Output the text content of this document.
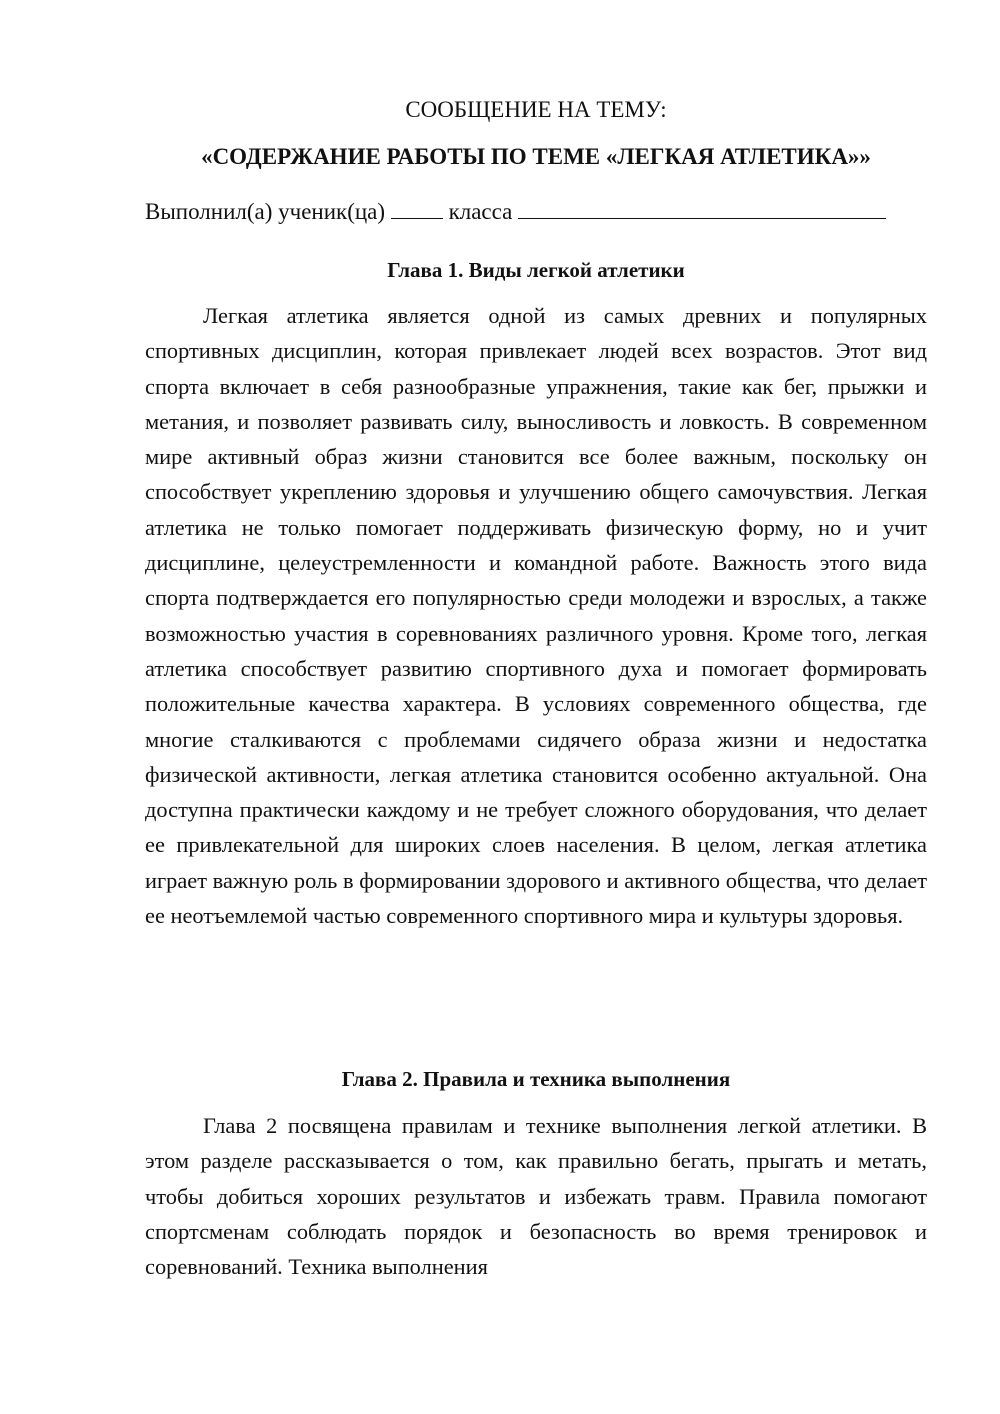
СООБЩЕНИЕ НА ТЕМУ:
«СОДЕРЖАНИЕ РАБОТЫ ПО ТЕМЕ «ЛЕГКАЯ АТЛЕТИКА»»
Выполнил(а) ученик(ца)	класса
Глава 1. Виды легкой атлетики

Легкая атлетика является одной из самых древних и популярных спортивных дисциплин, которая привлекает людей всех возрастов. Этот вид спорта включает в себя разнообразные упражнения, такие как бег, прыжки и метания, и позволяет развивать силу, выносливость и ловкость. В современном мире активный образ жизни становится все более важным, поскольку он способствует укреплению здоровья и улучшению общего самочувствия. Легкая атлетика не только помогает поддерживать физическую форму, но и учит дисциплине, целеустремленности и командной работе. Важность этого вида спорта подтверждается его популярностью среди молодежи и взрослых, а также возможностью участия в соревнованиях различного уровня. Кроме того, легкая атлетика способствует развитию спортивного духа и помогает формировать положительные качества характера. В условиях современного общества, где многие сталкиваются с проблемами сидячего образа жизни и недостатка физической активности, легкая атлетика становится особенно актуальной. Она доступна практически каждому и не требует сложного оборудования, что делает ее привлекательной для широких слоев населения. В целом, легкая атлетика играет важную роль в формировании здорового и активного общества, что делает ее неотъемлемой частью современного спортивного мира и культуры здоровья.

Глава 2. Правила и техника выполнения

Глава 2 посвящена правилам и технике выполнения легкой атлетики. В этом разделе рассказывается о том, как правильно бегать, прыгать и метать, чтобы добиться хороших результатов и избежать травм. Правила помогают спортсменам соблюдать порядок и безопасность во время тренировок и соревнований. Техника выполнения
